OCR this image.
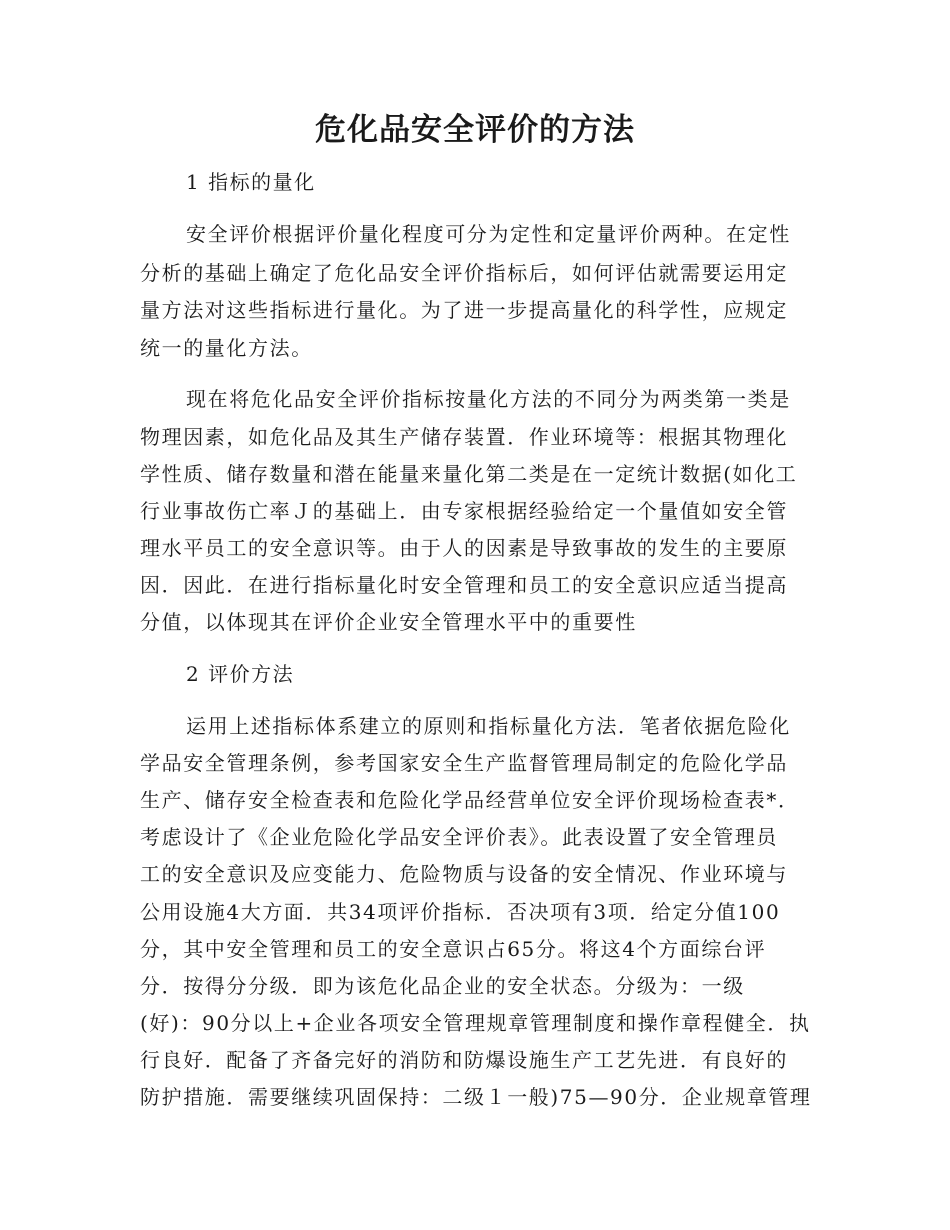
危化品安全评价的方法
1 指标的量化
安全评价根据评价量化程度可分为定性和定量评价两种。在定性
分析的基础上确定了危化品安全评价指标后，如何评估就需要运用定
量方法对这些指标进行量化。为了进一步提高量化的科学性，应规定
统一的量化方法。
现在将危化品安全评价指标按量化方法的不同分为两类第一类是
物理因素，如危化品及其生产储存装置．作业环境等：根据其物理化
学性质、储存数量和潜在能量来量化第二类是在一定统计数据(如化工
行业事故伤亡率Ｊ的基础上．由专家根据经验给定一个量值如安全管
理水平员工的安全意识等。由于人的因素是导致事故的发生的主要原
因．因此．在进行指标量化时安全管理和员工的安全意识应适当提高
分值，以体现其在评价企业安全管理水平中的重要性
2 评价方法
运用上述指标体系建立的原则和指标量化方法．笔者依据危险化
学品安全管理条例，参考国家安全生产监督管理局制定的危险化学品
生产、储存安全检查表和危险化学品经营单位安全评价现场检查表*．
考虑设计了《企业危险化学品安全评价表》。此表设置了安全管理员
工的安全意识及应变能力、危险物质与设备的安全情况、作业环境与
公用设施4大方面．共34项评价指标．否决项有3项．给定分值100
分，其中安全管理和员工的安全意识占65分。将这4个方面综台评
分．按得分分级．即为该危化品企业的安全状态。分级为：一级
(好)：90分以上+企业各项安全管理规章管理制度和操作章程健全．执
行良好．配备了齐备完好的消防和防爆设施生产工艺先进．有良好的
防护措施．需要继续巩固保持：二级１一般)75—90分．企业规章管理
